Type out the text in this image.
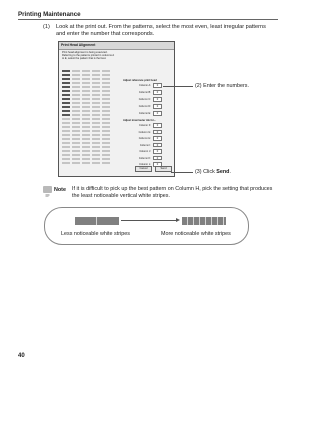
Printing Maintenance
(1) Look at the print out. From the patterns, select the most even, least irregular patterns and enter the number that corresponds.
Print Head Alignment
Print head alignment is being executed. Referring to the patterns printed in columns A to E, select the pattern that is the best.
Adjust reference print head
Column A:	0
Column B:	0
Column C:	0
Column D:	0
Column E:	0
Adjust inner/outer ink for...
Column F:	0
Column G:	0
Column H:	0
Column I:	0
Column J:	0
Column K:	0
Column L:	0
Cancel	Send
(2) Enter the numbers.
(3) Click Send.
Note If it is difficult to pick up the best pattern on Column H, pick the setting that produces the least noticeable vertical white stripes.
Less noticeable white stripes	More noticeable white stripes
40
